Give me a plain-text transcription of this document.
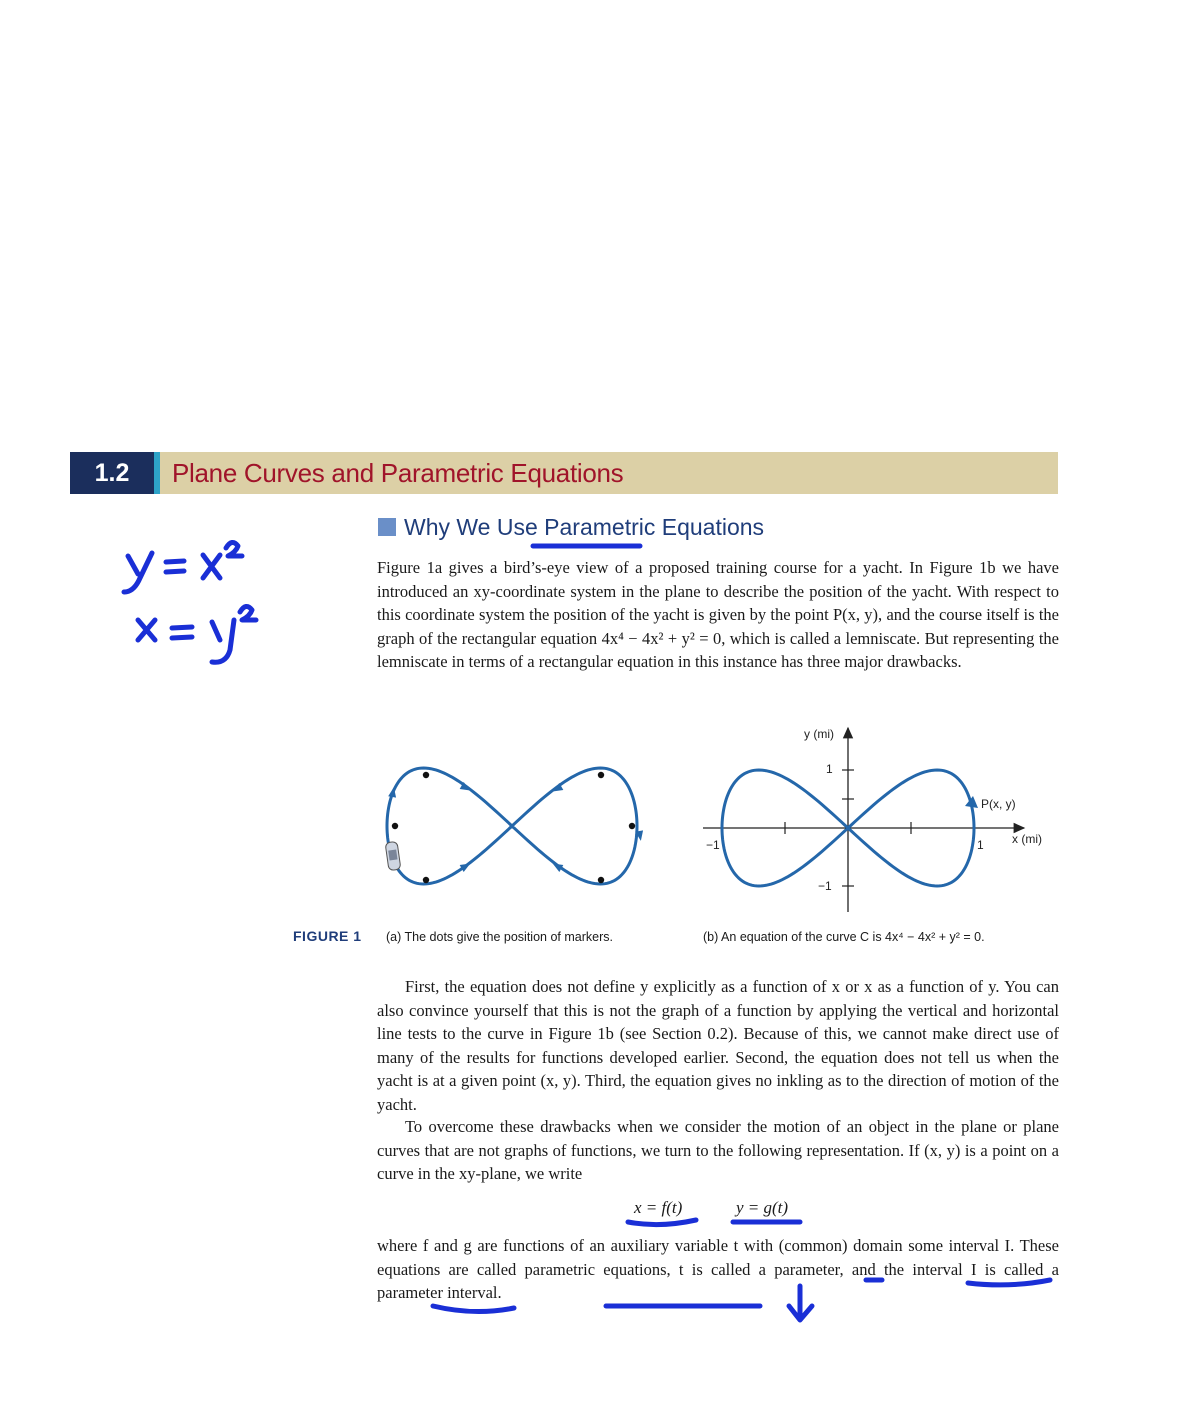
1.2	Plane Curves and Parametric Equations
Why We Use Parametric Equations
Figure 1a gives a bird’s-eye view of a proposed training course for a yacht. In Figure 1b we have introduced an xy-coordinate system in the plane to describe the position of the yacht. With respect to this coordinate system the position of the yacht is given by the point P(x, y), and the course itself is the graph of the rectangular equation 4x⁴ − 4x² + y² = 0, which is called a lemniscate. But representing the lemniscate in terms of a rectangular equation in this instance has three major drawbacks.
FIGURE 1 (a) The dots give the position of markers.	(b) An equation of the curve C is 4x⁴ − 4x² + y² = 0.
y (mi)
x (mi)
P(x, y)
1
−1
−1	1
First, the equation does not define y explicitly as a function of x or x as a function of y. You can also convince yourself that this is not the graph of a function by applying the vertical and horizontal line tests to the curve in Figure 1b (see Section 0.2). Because of this, we cannot make direct use of many of the results for functions developed earlier. Second, the equation does not tell us when the yacht is at a given point (x, y). Third, the equation gives no inkling as to the direction of motion of the yacht.
To overcome these drawbacks when we consider the motion of an object in the plane or plane curves that are not graphs of functions, we turn to the following representation. If (x, y) is a point on a curve in the xy-plane, we write
x = f(t)	y = g(t)
where f and g are functions of an auxiliary variable t with (common) domain some interval I. These equations are called parametric equations, t is called a parameter, and the interval I is called a parameter interval.
